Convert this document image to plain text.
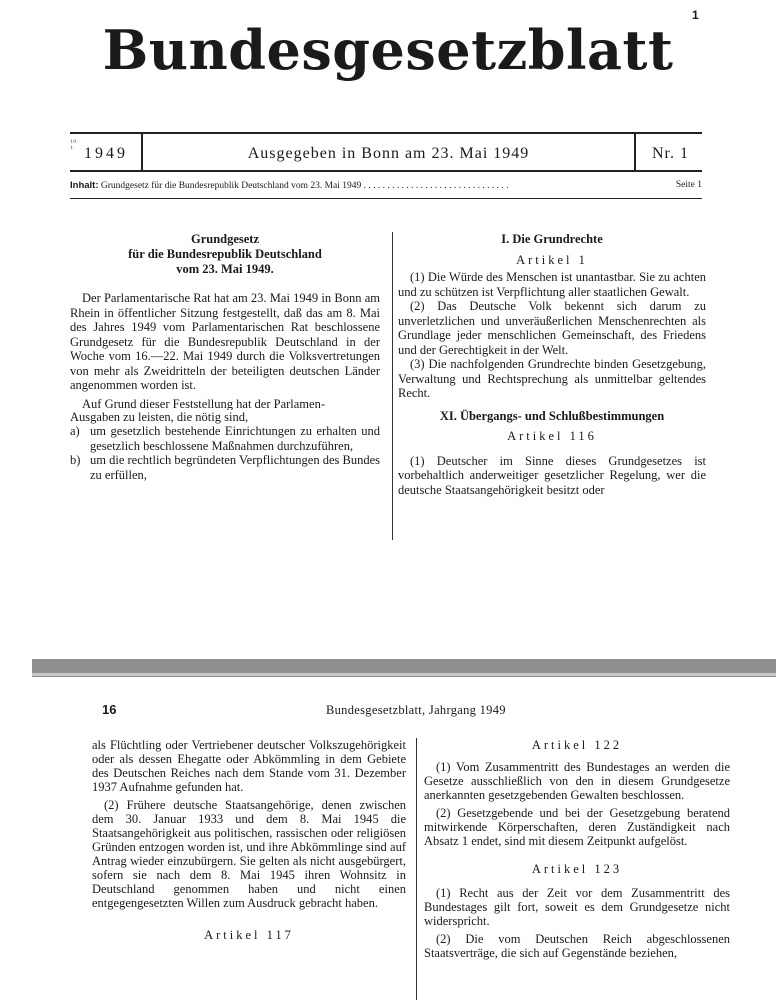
1
Bundesgesetzblatt
19
1. 1949	Ausgegeben in Bonn am 23. Mai 1949	Nr. 1
Inhalt: Grundgesetz für die Bundesrepublik Deutschland vom 23. Mai 1949 . . . . . . . . . . . . . . . . . . . . . . . . . . . . . . .	Seite 1
Grundgesetz
für die Bundesrepublik Deutschland
vom 23. Mai 1949.

Der Parlamentarische Rat hat am 23. Mai 1949 in Bonn am Rhein in öffentlicher Sitzung festgestellt, daß das am 8. Mai des Jahres 1949 vom Parlamentarischen Rat beschlossene Grundgesetz für die Bundesrepublik Deutschland in der Woche vom 16.—22. Mai 1949 durch die Volksvertretungen von mehr als Zweidritteln der beteiligten deutschen Länder angenommen worden ist.

Auf Grund dieser Feststellung hat der Parlamen-

Ausgaben zu leisten, die nötig sind,

a) um gesetzlich bestehende Einrichtungen zu erhalten und gesetzlich beschlossene Maßnahmen durchzuführen,
b) um die rechtlich begründeten Verpflichtungen des Bundes zu erfüllen,
I. Die Grundrechte
Artikel 1

(1) Die Würde des Menschen ist unantastbar. Sie zu achten und zu schützen ist Verpflichtung aller staatlichen Gewalt.

(2) Das Deutsche Volk bekennt sich darum zu unverletzlichen und unveräußerlichen Menschenrechten als Grundlage jeder menschlichen Gemeinschaft, des Friedens und der Gerechtigkeit in der Welt.

(3) Die nachfolgenden Grundrechte binden Gesetzgebung, Verwaltung und Rechtsprechung als unmittelbar geltendes Recht.

XI. Übergangs- und Schlußbestimmungen
Artikel 116

(1) Deutscher im Sinne dieses Grundgesetzes ist vorbehaltlich anderweitiger gesetzlicher Regelung, wer die deutsche Staatsangehörigkeit besitzt oder

16	Bundesgesetzblatt, Jahrgang 1949

als Flüchtling oder Vertriebener deutscher Volkszugehörigkeit oder als dessen Ehegatte oder Abkömmling in dem Gebiete des Deutschen Reiches nach dem Stande vom 31. Dezember 1937 Aufnahme gefunden hat.

(2) Frühere deutsche Staatsangehörige, denen zwischen dem 30. Januar 1933 und dem 8. Mai 1945 die Staatsangehörigkeit aus politischen, rassischen oder religiösen Gründen entzogen worden ist, und ihre Abkömmlinge sind auf Antrag wieder einzubürgern. Sie gelten als nicht ausgebürgert, sofern sie nach dem 8. Mai 1945 ihren Wohnsitz in Deutschland genommen haben und nicht einen entgegengesetzten Willen zum Ausdruck gebracht haben.

Artikel 117
Artikel 122

(1) Vom Zusammentritt des Bundestages an werden die Gesetze ausschließlich von den in diesem Grundgesetze anerkannten gesetzgebenden Gewalten beschlossen.

(2) Gesetzgebende und bei der Gesetzgebung beratend mitwirkende Körperschaften, deren Zuständigkeit nach Absatz 1 endet, sind mit diesem Zeitpunkt aufgelöst.

Artikel 123

(1) Recht aus der Zeit vor dem Zusammentritt des Bundestages gilt fort, soweit es dem Grundgesetze nicht widerspricht.

(2) Die vom Deutschen Reich abgeschlossenen Staatsverträge, die sich auf Gegenstände beziehen,
